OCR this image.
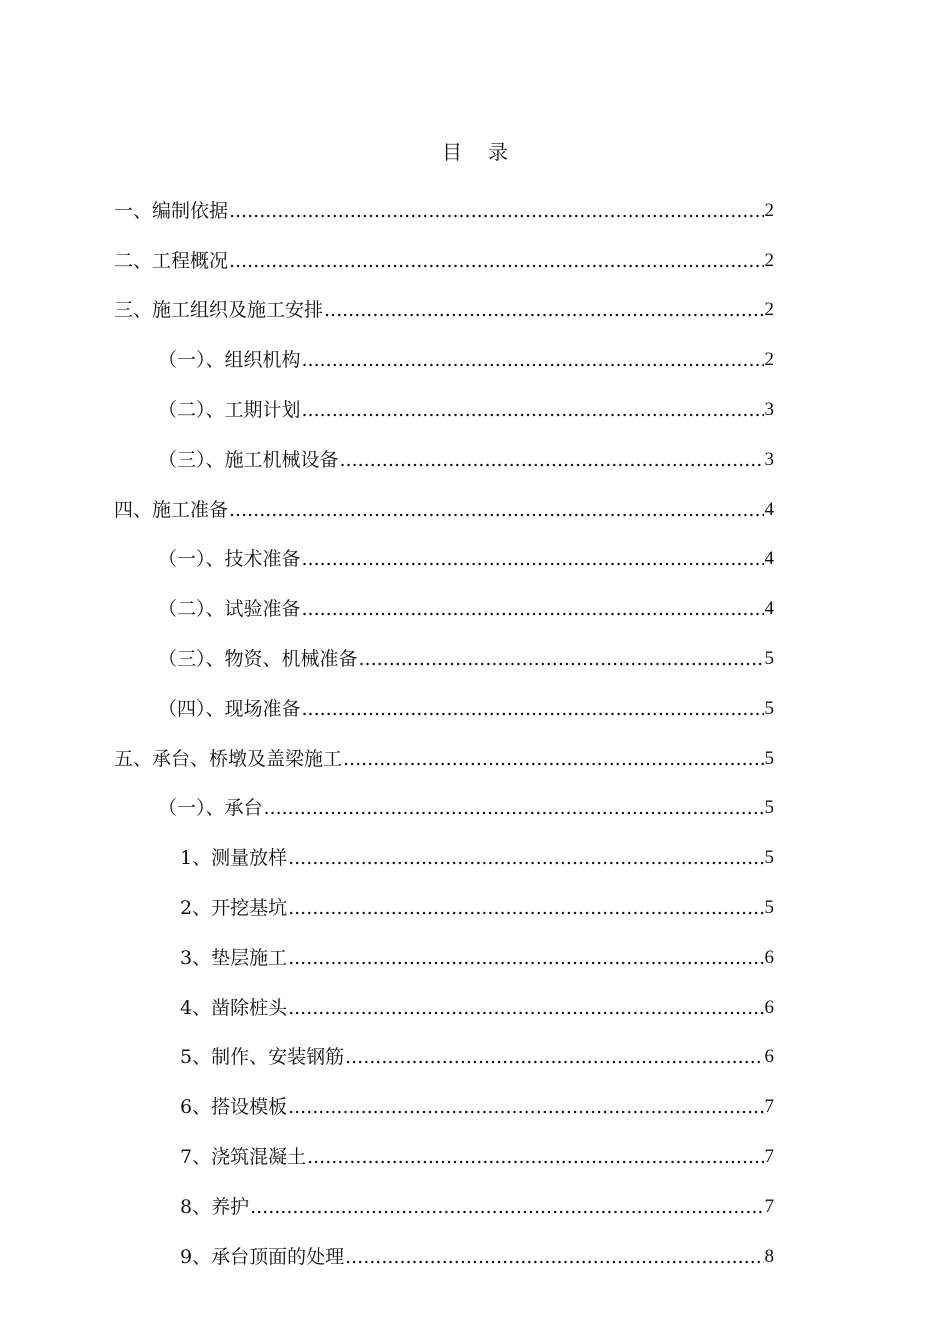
目 录
一、编制依据 .....	2
二、工程概况 .....	2
三、施工组织及施工安排 .....	2
（一）、组织机构 .....	2
（二）、工期计划 .....	3
（三）、施工机械设备 .....	3
四、施工准备 .....	4
（一）、技术准备 .....	4
（二）、试验准备 .....	4
（三）、物资、机械准备 .....	5
（四）、现场准备 .....	5
五、承台、桥墩及盖梁施工 .....	5
（一）、承台 .....	5
1、测量放样 .....	5
2、开挖基坑 .....	5
3、垫层施工 .....	6
4、凿除桩头 .....	6
5、制作、安装钢筋 .....	6
6、搭设模板 .....	7
7、浇筑混凝土 .....	7
8、养护 .....	7
9、承台顶面的处理 .....	8
